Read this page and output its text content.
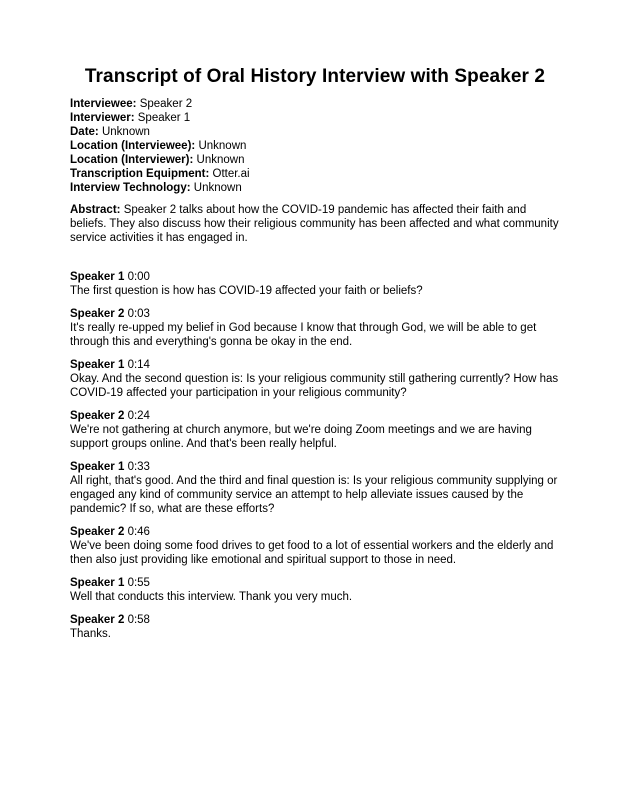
Transcript of Oral History Interview with Speaker 2

Interviewee: Speaker 2

Interviewer: Speaker 1

Date: Unknown

Location (Interviewee): Unknown

Location (Interviewer): Unknown

Transcription Equipment: Otter.ai

Interview Technology: Unknown

Abstract: Speaker 2 talks about how the COVID-19 pandemic has affected their faith and beliefs. They also discuss how their religious community has been affected and what community service activities it has engaged in.

Speaker 1 0:00

The first question is how has COVID-19 affected your faith or beliefs?

Speaker 2 0:03

It's really re-upped my belief in God because I know that through God, we will be able to get through this and everything's gonna be okay in the end.

Speaker 1 0:14

Okay. And the second question is: Is your religious community still gathering currently? How has COVID-19 affected your participation in your religious community?

Speaker 2 0:24

We're not gathering at church anymore, but we're doing Zoom meetings and we are having support groups online. And that's been really helpful.

Speaker 1 0:33

All right, that's good. And the third and final question is: Is your religious community supplying or engaged any kind of community service an attempt to help alleviate issues caused by the pandemic? If so, what are these efforts?

Speaker 2 0:46

We've been doing some food drives to get food to a lot of essential workers and the elderly and then also just providing like emotional and spiritual support to those in need.

Speaker 1 0:55

Well that conducts this interview. Thank you very much.

Speaker 2 0:58

Thanks.
